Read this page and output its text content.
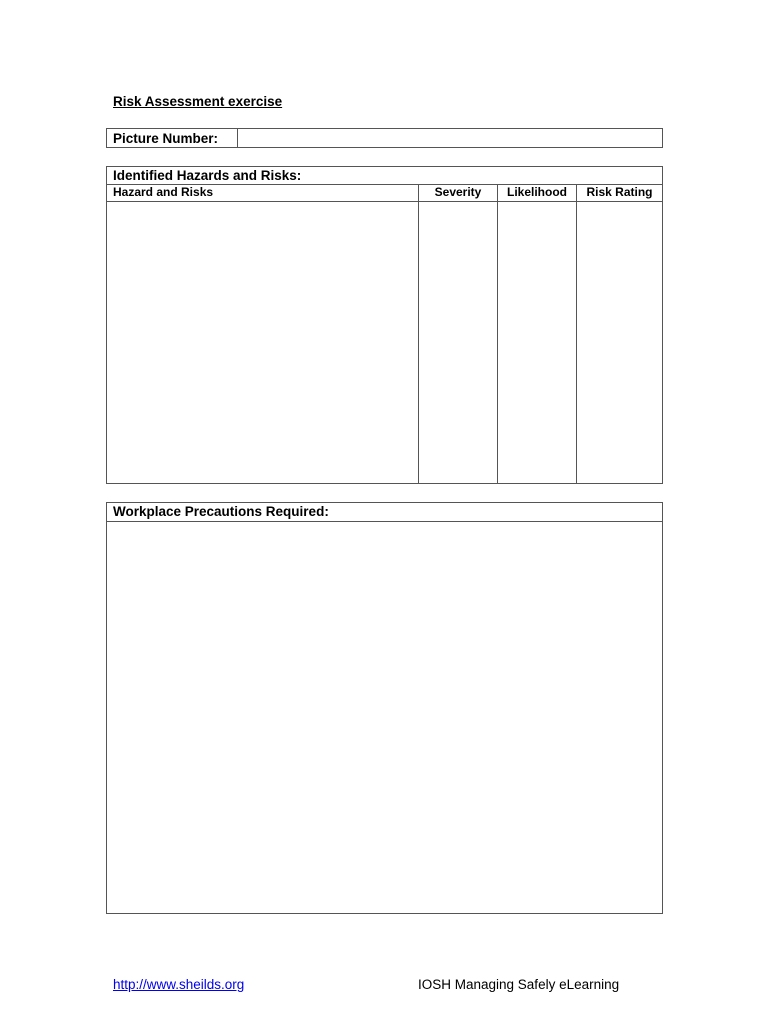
Risk Assessment exercise
Picture Number:
Identified Hazards and Risks:
Hazard and Risks	Severity	Likelihood	Risk Rating
Workplace Precautions Required:
http://www.sheilds.org	IOSH Managing Safely eLearning
